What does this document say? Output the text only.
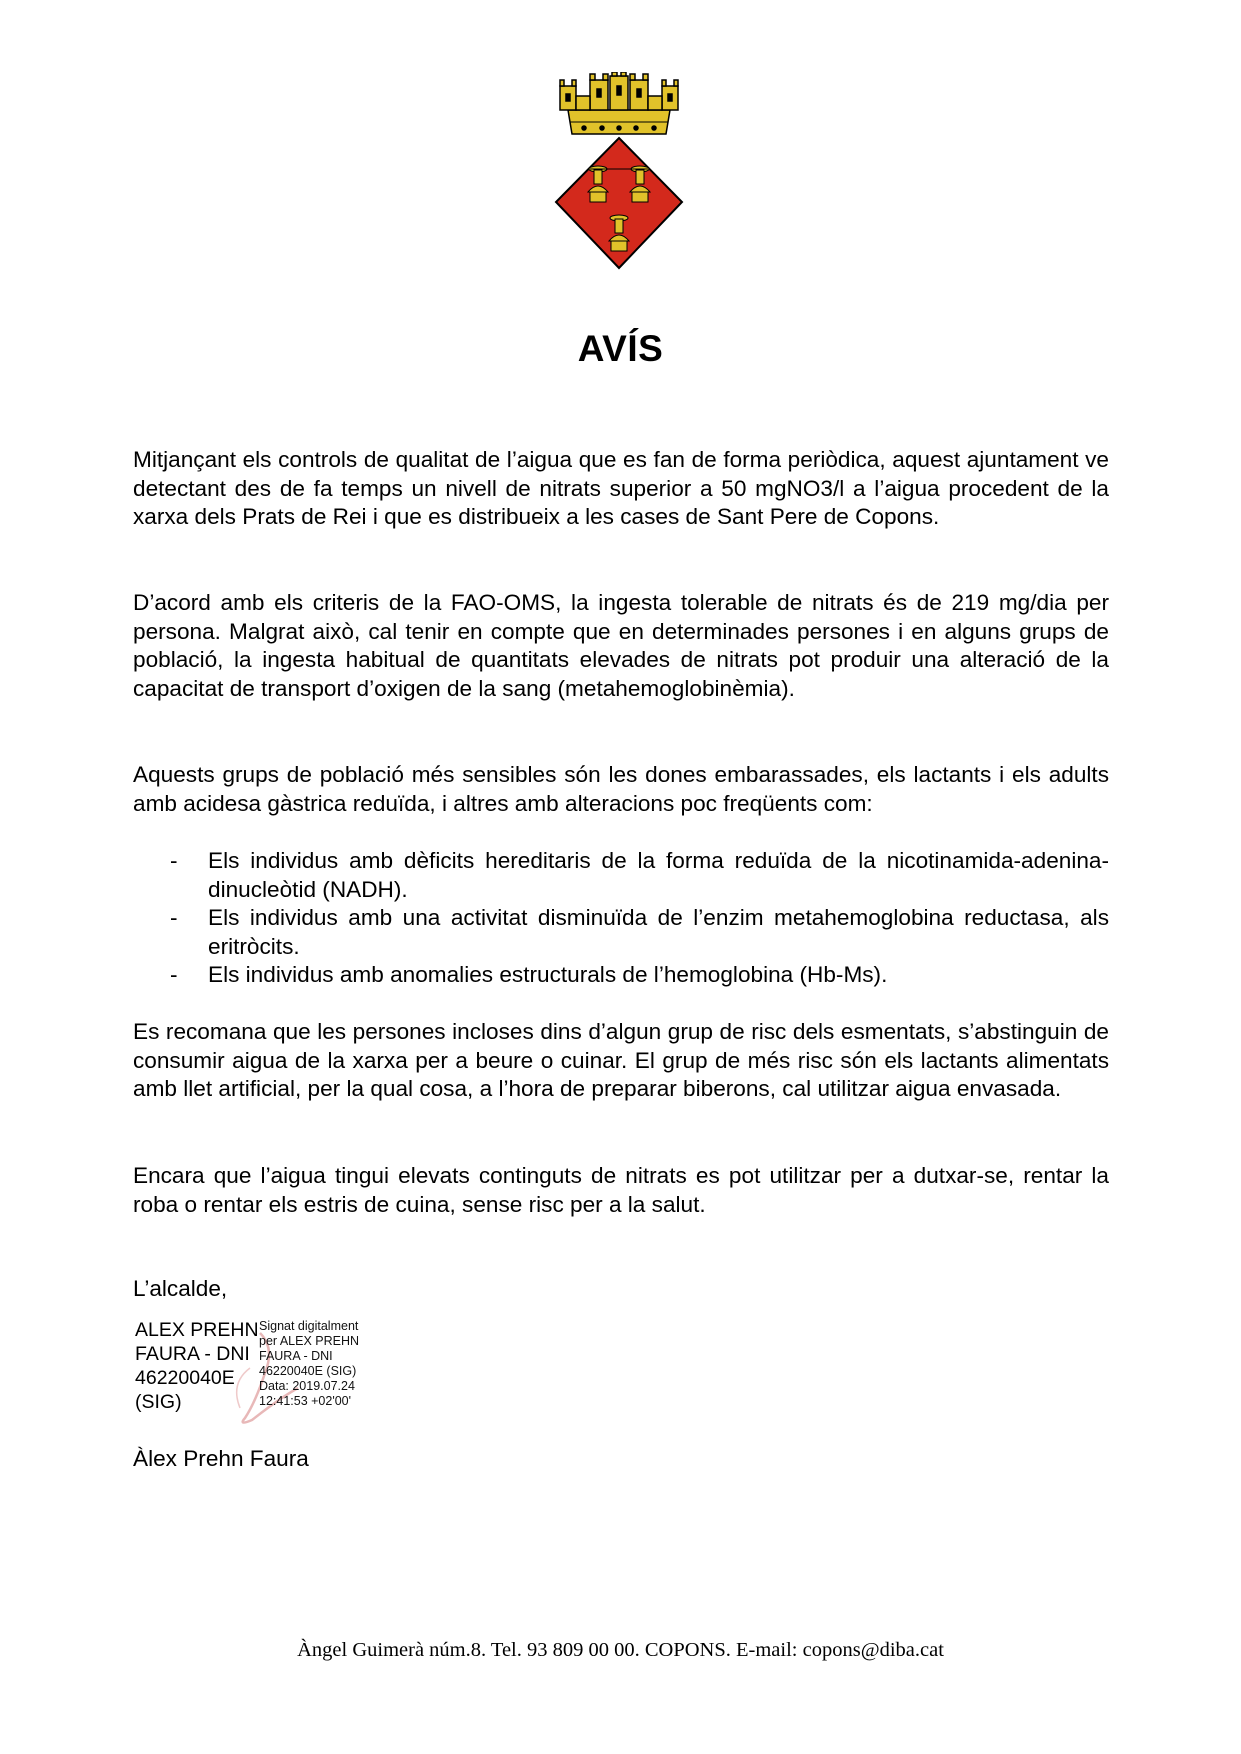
AVÍS

Mitjançant els controls de qualitat de l’aigua que es fan de forma periòdica, aquest ajuntament ve detectant des de fa temps un nivell de nitrats superior a 50 mgNO3/l a l’aigua procedent de la xarxa dels Prats de Rei i que es distribueix a les cases de Sant Pere de Copons.

D’acord amb els criteris de la FAO-OMS, la ingesta tolerable de nitrats és de 219 mg/dia per persona. Malgrat això, cal tenir en compte que en determinades persones i en alguns grups de població, la ingesta habitual de quantitats elevades de nitrats pot produir una alteració de la capacitat de transport d’oxigen de la sang (metahemoglobinèmia).

Aquests grups de població més sensibles són les dones embarassades, els lactants i els adults amb acidesa gàstrica reduïda, i altres amb alteracions poc freqüents com:

- Els individus amb dèficits hereditaris de la forma reduïda de la nicotinamida-adenina-dinucleòtid (NADH).
- Els individus amb una activitat disminuïda de l’enzim metahemoglobina reductasa, als eritròcits.
- Els individus amb anomalies estructurals de l’hemoglobina (Hb-Ms).

Es recomana que les persones incloses dins d’algun grup de risc dels esmentats, s’abstinguin de consumir aigua de la xarxa per a beure o cuinar. El grup de més risc són els lactants alimentats amb llet artificial, per la qual cosa, a l’hora de preparar biberons, cal utilitzar aigua envasada.

Encara que l’aigua tingui elevats continguts de nitrats es pot utilitzar per a dutxar-se, rentar la roba o rentar els estris de cuina, sense risc per a la salut.

L’alcalde,
ALEX PREHN
FAURA - DNI
46220040E
(SIG)
Signat digitalment
per ALEX PREHN
FAURA - DNI
46220040E (SIG)
Data: 2019.07.24
12:41:53 +02'00'
Àlex Prehn Faura
Àngel Guimerà núm.8. Tel. 93 809 00 00. COPONS. E-mail: copons@diba.cat
